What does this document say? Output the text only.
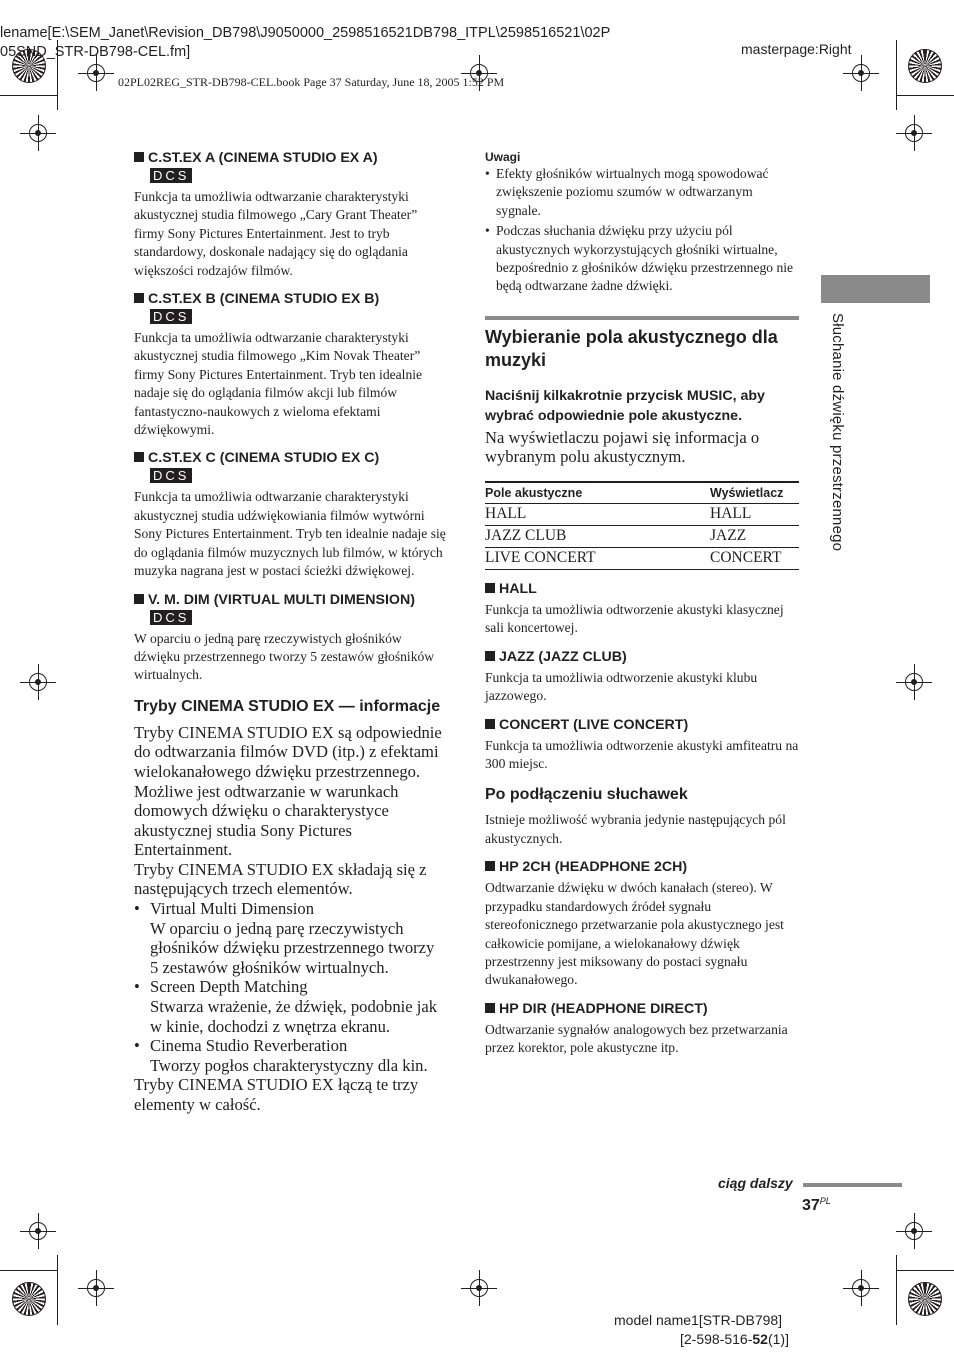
lename[E:\SEM_Janet\Revision_DB798\J9050000_2598516521DB798_ITPL\2598516521\02P
05SND_STR-DB798-CEL.fm]	masterpage:Right
02PL02REG_STR-DB798-CEL.book Page 37 Saturday, June 18, 2005 1:52 PM
C.ST.EX A (CINEMA STUDIO EX A)
DCS

Funkcja ta umożliwia odtwarzanie charakterystyki akustycznej studia filmowego „Cary Grant Theater” firmy Sony Pictures Entertainment. Jest to tryb standardowy, doskonale nadający się do oglądania większości rodzajów filmów.

C.ST.EX B (CINEMA STUDIO EX B)
DCS

Funkcja ta umożliwia odtwarzanie charakterystyki akustycznej studia filmowego „Kim Novak Theater” firmy Sony Pictures Entertainment. Tryb ten idealnie nadaje się do oglądania filmów akcji lub filmów fantastyczno-naukowych z wieloma efektami dźwiękowymi.

C.ST.EX C (CINEMA STUDIO EX C)
DCS

Funkcja ta umożliwia odtwarzanie charakterystyki akustycznej studia udźwiękowiania filmów wytwórni Sony Pictures Entertainment. Tryb ten idealnie nadaje się do oglądania filmów muzycznych lub filmów, w których muzyka nagrana jest w postaci ścieżki dźwiękowej.

V. M. DIM (VIRTUAL MULTI DIMENSION)
DCS

W oparciu o jedną parę rzeczywistych głośników dźwięku przestrzennego tworzy 5 zestawów głośników wirtualnych.

Tryby CINEMA STUDIO EX — informacje

Tryby CINEMA STUDIO EX są odpowiednie do odtwarzania filmów DVD (itp.) z efektami wielokanałowego dźwięku przestrzennego. Możliwe jest odtwarzanie w warunkach domowych dźwięku o charakterystyce akustycznej studia Sony Pictures Entertainment.

Tryby CINEMA STUDIO EX składają się z następujących trzech elementów.

• Virtual Multi Dimension
W oparciu o jedną parę rzeczywistych głośników dźwięku przestrzennego tworzy 5 zestawów głośników wirtualnych.
• Screen Depth Matching
Stwarza wrażenie, że dźwięk, podobnie jak w kinie, dochodzi z wnętrza ekranu.
• Cinema Studio Reverberation
Tworzy pogłos charakterystyczny dla kin.

Tryby CINEMA STUDIO EX łączą te trzy elementy w całość.

Uwagi
• Efekty głośników wirtualnych mogą spowodować zwiększenie poziomu szumów w odtwarzanym sygnale.
• Podczas słuchania dźwięku przy użyciu pól akustycznych wykorzystujących głośniki wirtualne, bezpośrednio z głośników dźwięku przestrzennego nie będą odtwarzane żadne dźwięki.
Wybieranie pola akustycznego dla muzyki
Naciśnij kilkakrotnie przycisk MUSIC, aby wybrać odpowiednie pole akustyczne.

Na wyświetlaczu pojawi się informacja o wybranym polu akustycznym.

Pole akustyczne	Wyświetlacz
HALL	HALL
JAZZ CLUB	JAZZ
LIVE CONCERT	CONCERT
HALL

Funkcja ta umożliwia odtworzenie akustyki klasycznej sali koncertowej.

JAZZ (JAZZ CLUB)

Funkcja ta umożliwia odtworzenie akustyki klubu jazzowego.

CONCERT (LIVE CONCERT)

Funkcja ta umożliwia odtworzenie akustyki amfiteatru na 300 miejsc.

Po podłączeniu słuchawek

Istnieje możliwość wybrania jedynie następujących pól akustycznych.

HP 2CH (HEADPHONE 2CH)

Odtwarzanie dźwięku w dwóch kanałach (stereo). W przypadku standardowych źródeł sygnału stereofonicznego przetwarzanie pola akustycznego jest całkowicie pomijane, a wielokanałowy dźwięk przestrzenny jest miksowany do postaci sygnału dwukanałowego.

HP DIR (HEADPHONE DIRECT)

Odtwarzanie sygnałów analogowych bez przetwarzania przez korektor, pole akustyczne itp.

Słuchanie dźwięku przestrzennego
ciąg dalszy
$37^{PL}$
model name1[STR-DB798]
[2-598-516-52(1)]
